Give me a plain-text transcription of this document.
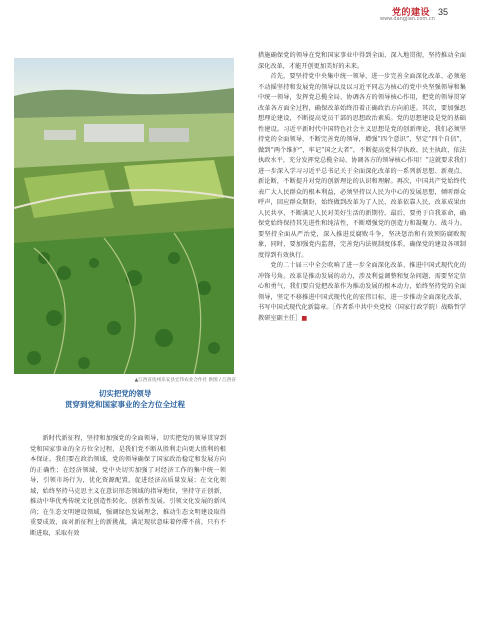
党的建设
www.dangjian.com.cn
35
▲江西省抚州乐安县宏伟农业合作社 供图 / 江西省
切实把党的领导
贯穿到党和国家事业的全方位全过程

新时代新征程，坚持和加强党的全面领导，切实把党的领导贯穿到党和国家事业的全方位全过程，是我们党不断从胜利走向更大胜利的根本保证。我们要在政治领域，党的领导确保了国家政治稳定和发展方向的正确性；在经济领域，党中央切实加强了对经济工作的集中统一领导，引领市场行为，优化资源配置，促进经济高质量发展；在文化领域，始终坚持马克思主义在意识形态领域的指导地位，坚持守正创新，推动中华优秀传统文化创造性转化、创新性发展。引领文化发展的新风尚；在生态文明建设领域，强调绿色发展理念，推动生态文明建设取得重要成效，面对新征程上的新挑战，满足现状意味着停滞不前，只有不断进取，采取有效

措施确保党的领导在党和国家事业中得到全面、深入地贯彻，坚持推动全面深化改革，才能开创更加美好的未来。

首先，要坚持党中央集中统一领导，进一步完善全面深化改革、必须毫不动摇坚持和发展党的领导以及以习近平同志为核心的党中央坚强领导和集中统一领导，发挥党总揽全局、协调各方的领导核心作用，把党的领导贯穿改革各方面全过程，确保改革始终沿着正确政治方向前进。其次，要加强思想理论建设，不断提高党员干部的思想政治素质。党的思想建设是党的基础性建设。习近平新时代中国特色社会主义思想是党的创新理论，我们必须坚持党的全面领导，不断完善党的领导，增强“四个意识”，坚定“四个自信”，做到“两个维护”，牢记“国之大者”，不断提高党科学执政、民主执政、依法执政水平，充分发挥党总揽全局、协调各方的领导核心作用！”这就要求我们进一步深入学习习近平总书记关于全面深化改革的一系列新思想、新观点、新论断，不断提升对党的创新理论的认识和理解。再次，中国共产党始终代表广大人民群众的根本利益，必须坚持以人民为中心的发展思想，倾听群众呼声，回应群众期盼，始终做到改革为了人民、改革依靠人民、改革成果由人民共享，不断满足人民对美好生活的新期待。最后，要勇于自我革命，确保党始终保持其先进性和纯洁性，不断增强党的创造力和凝聚力、战斗力。要坚持全面从严治党，深入推进反腐败斗争，坚决惩治和有效预防腐败现象，同时，要加强党内监督，完善党内法规制度体系，确保党的建设各项制度得到有效执行。

党的二十届三中全会吹响了进一步全面深化改革、推进中国式现代化的冲锋号角。改革是推动发展的动力，涉及利益调整和复杂问题，需要坚定信心和勇气，我们要自觉把改革作为推动发展的根本动力，始终坚持党的全面领导，坚定不移推进中国式现代化的宏伟目标，进一步推动全面深化改革，书写中国式现代化新篇章。［作者系中共中央党校（国家行政学院）战略哲学教研室副主任］■
